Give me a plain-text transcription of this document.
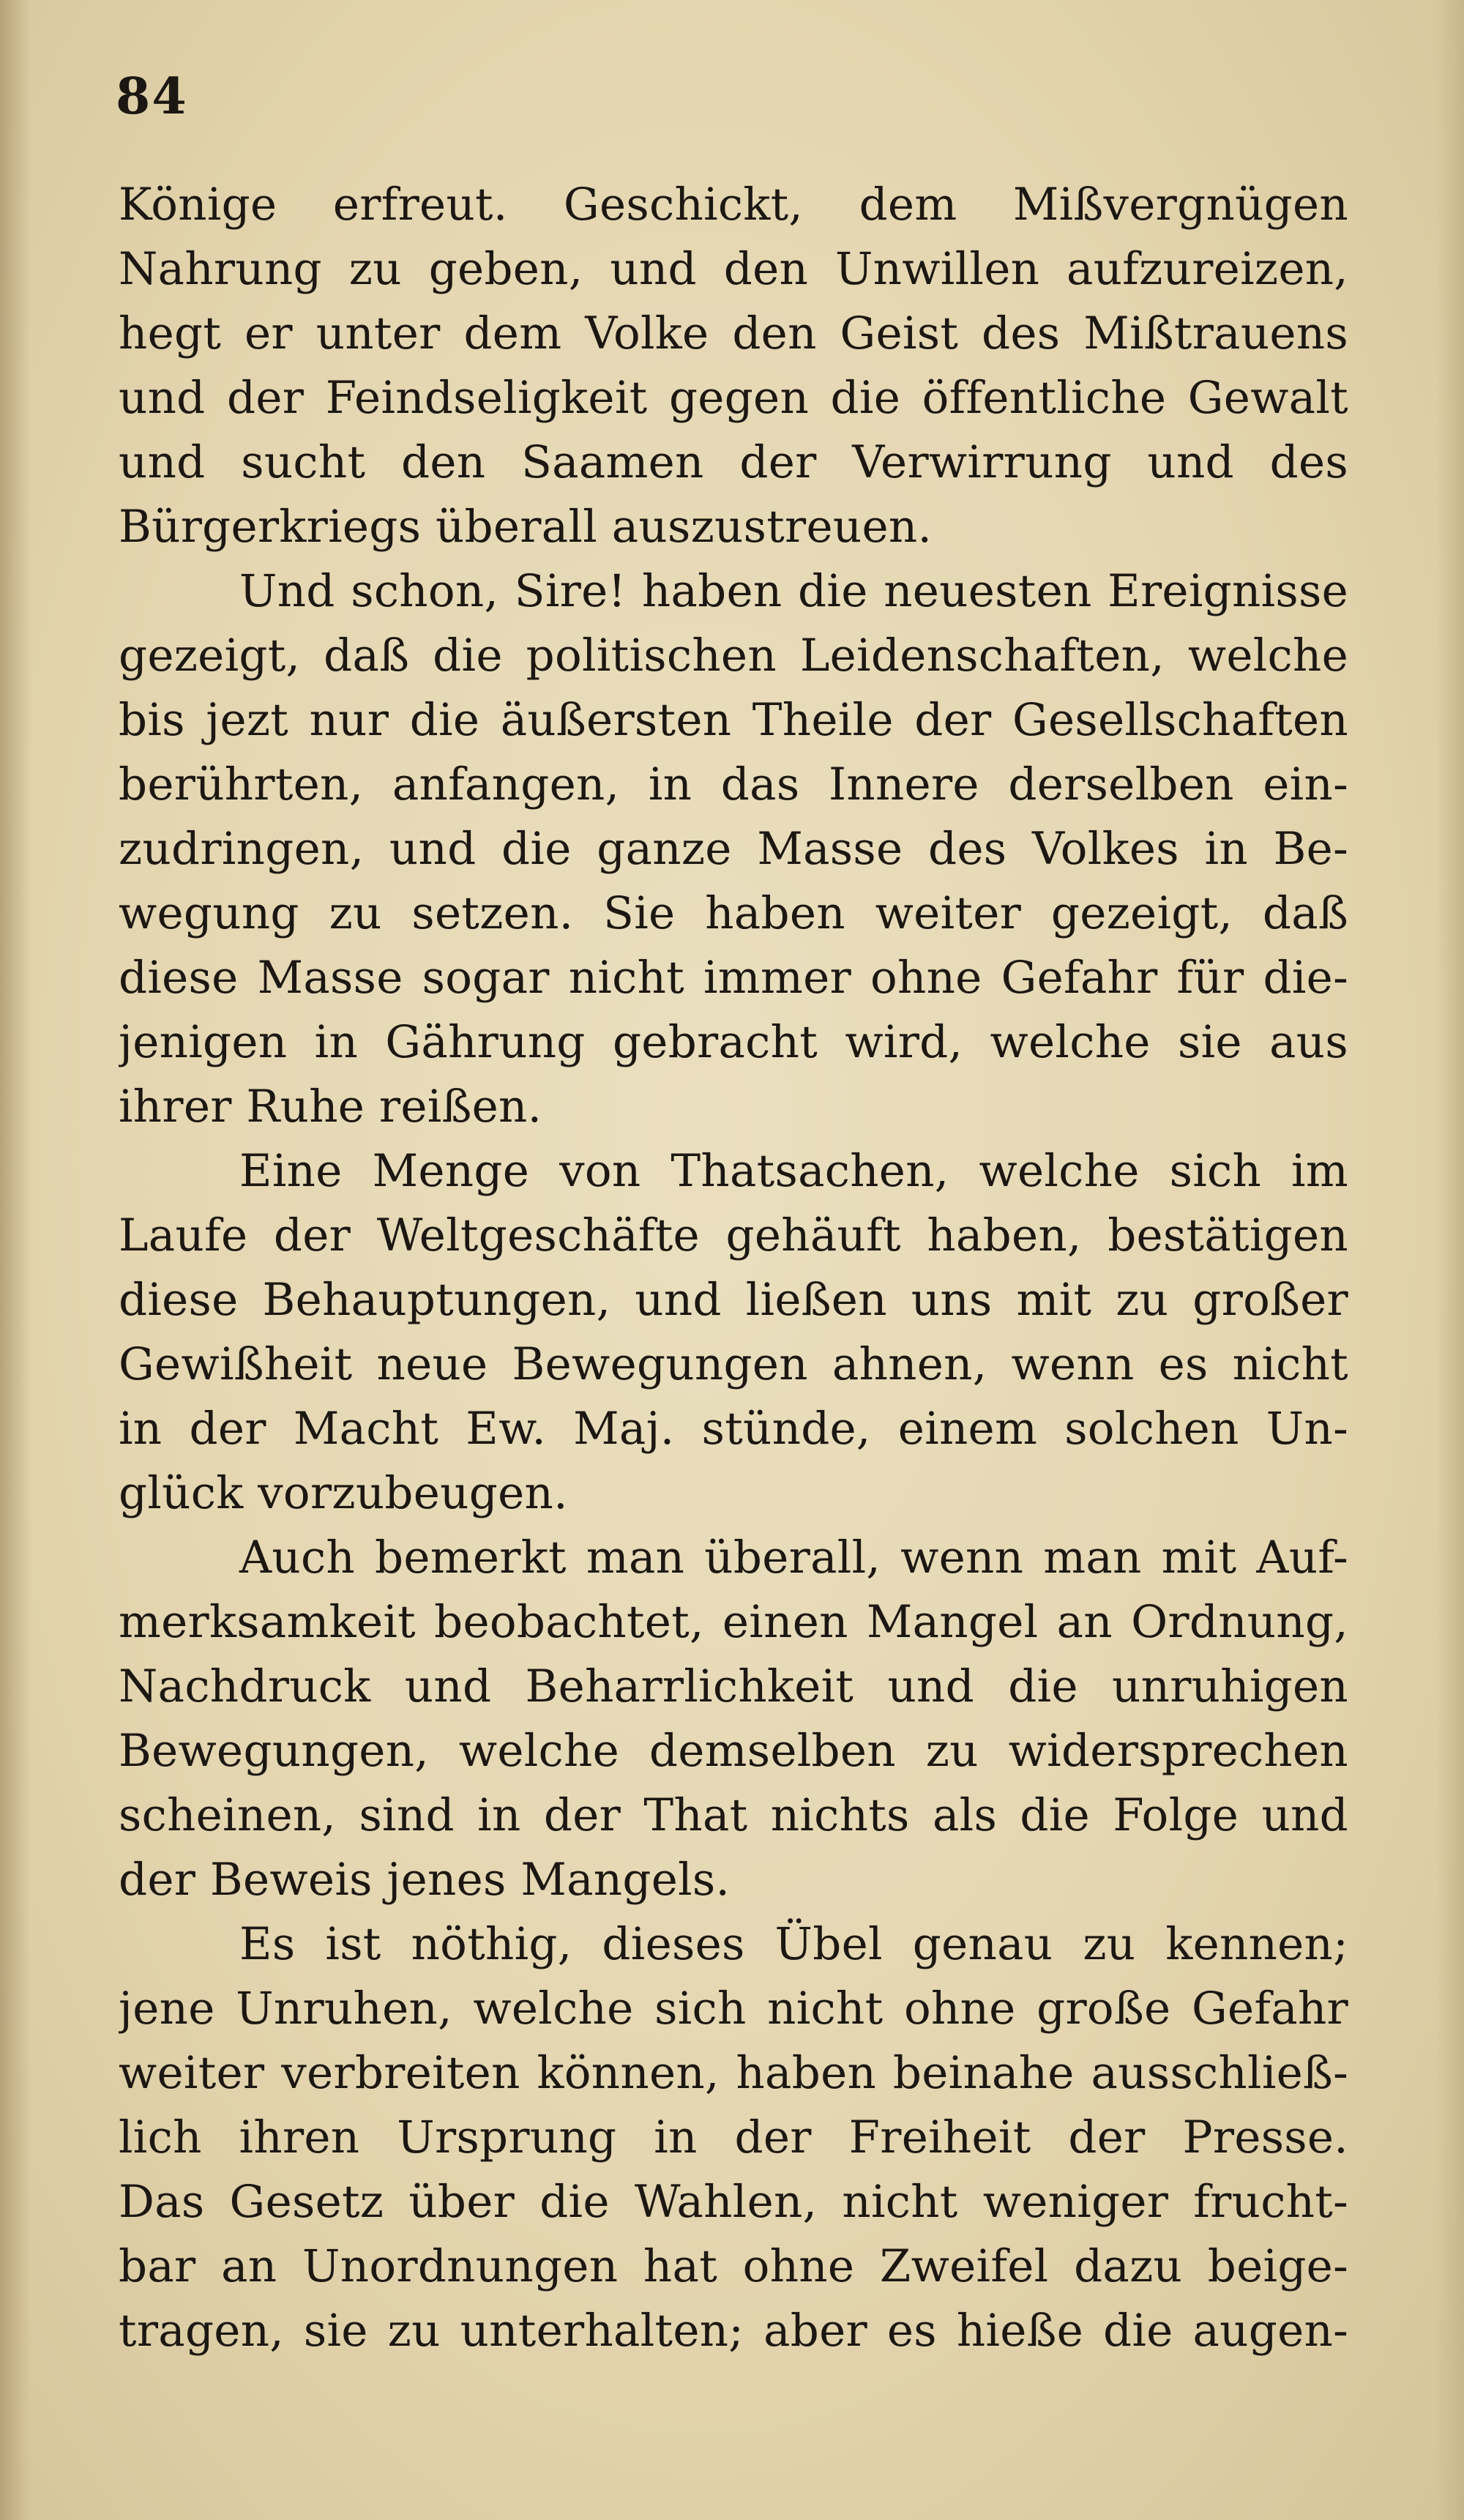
84
Könige erfreut. Geschickt, dem Mißvergnügen
Nahrung zu geben, und den Unwillen aufzureizen,
hegt er unter dem Volke den Geist des Mißtrauens
und der Feindseligkeit gegen die öffentliche Gewalt
und sucht den Saamen der Verwirrung und des
Bürgerkriegs überall auszustreuen.
Und schon, Sire! haben die neuesten Ereignisse
gezeigt, daß die politischen Leidenschaften, welche
bis jezt nur die äußersten Theile der Gesellschaften
berührten, anfangen, in das Innere derselben ein-
zudringen, und die ganze Masse des Volkes in Be-
wegung zu setzen. Sie haben weiter gezeigt, daß
diese Masse sogar nicht immer ohne Gefahr für die-
jenigen in Gährung gebracht wird, welche sie aus
ihrer Ruhe reißen.
Eine Menge von Thatsachen, welche sich im
Laufe der Weltgeschäfte gehäuft haben, bestätigen
diese Behauptungen, und ließen uns mit zu großer
Gewißheit neue Bewegungen ahnen, wenn es nicht
in der Macht Ew. Maj. stünde, einem solchen Un-
glück vorzubeugen.
Auch bemerkt man überall, wenn man mit Auf-
merksamkeit beobachtet, einen Mangel an Ordnung,
Nachdruck und Beharrlichkeit und die unruhigen
Bewegungen, welche demselben zu widersprechen
scheinen, sind in der That nichts als die Folge und
der Beweis jenes Mangels.
Es ist nöthig, dieses Übel genau zu kennen;
jene Unruhen, welche sich nicht ohne große Gefahr
weiter verbreiten können, haben beinahe ausschließ-
lich ihren Ursprung in der Freiheit der Presse.
Das Gesetz über die Wahlen, nicht weniger frucht-
bar an Unordnungen hat ohne Zweifel dazu beige-
tragen, sie zu unterhalten; aber es hieße die augen-
